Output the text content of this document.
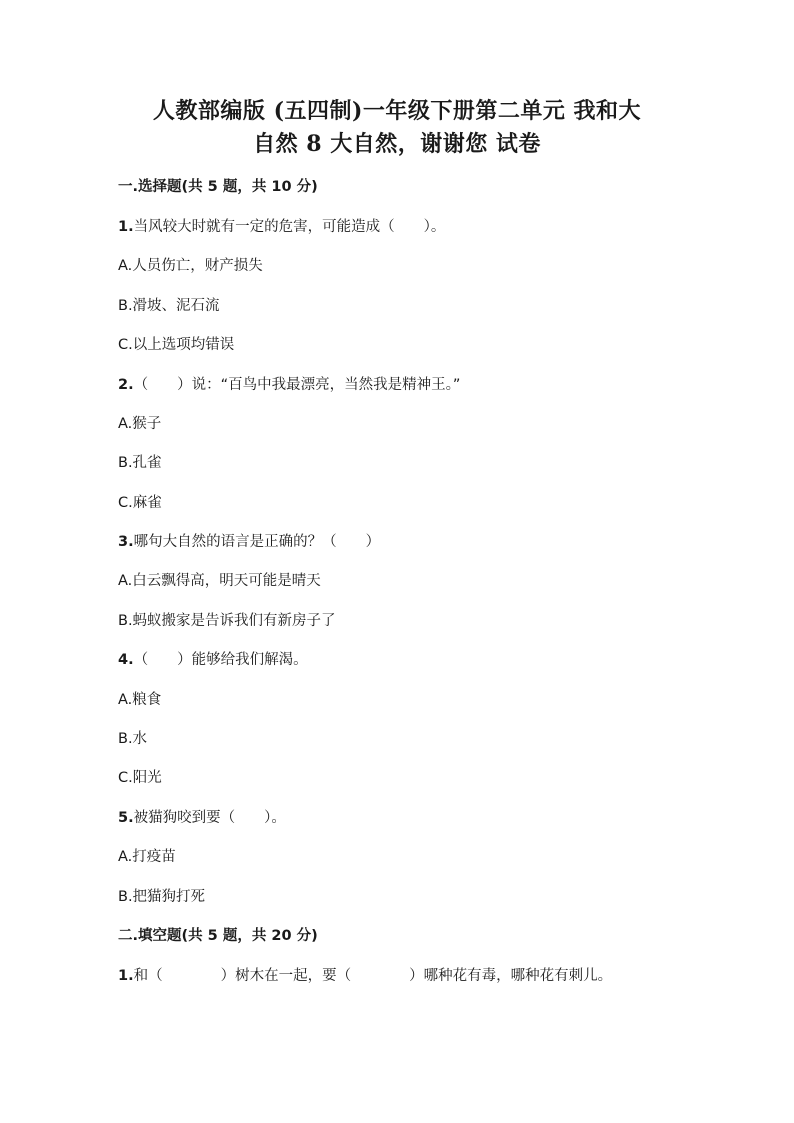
人教部编版 (五四制)一年级下册第二单元 我和大
自然 8 大自然，谢谢您 试卷
一.选择题(共 5 题，共 10 分)
1.当风较大时就有一定的危害，可能造成（　　）。
A.人员伤亡，财产损失
B.滑坡、泥石流
C.以上选项均错误
2.（　　）说：“百鸟中我最漂亮，当然我是精神王。”
A.猴子
B.孔雀
C.麻雀
3.哪句大自然的语言是正确的？（　　）
A.白云飘得高，明天可能是晴天
B.蚂蚁搬家是告诉我们有新房子了
4.（　　）能够给我们解渴。
A.粮食
B.水
C.阳光
5.被猫狗咬到要（　　）。
A.打疫苗
B.把猫狗打死
二.填空题(共 5 题，共 20 分)
1.和（　　　　）树木在一起，要（　　　　）哪种花有毒，哪种花有刺儿。
